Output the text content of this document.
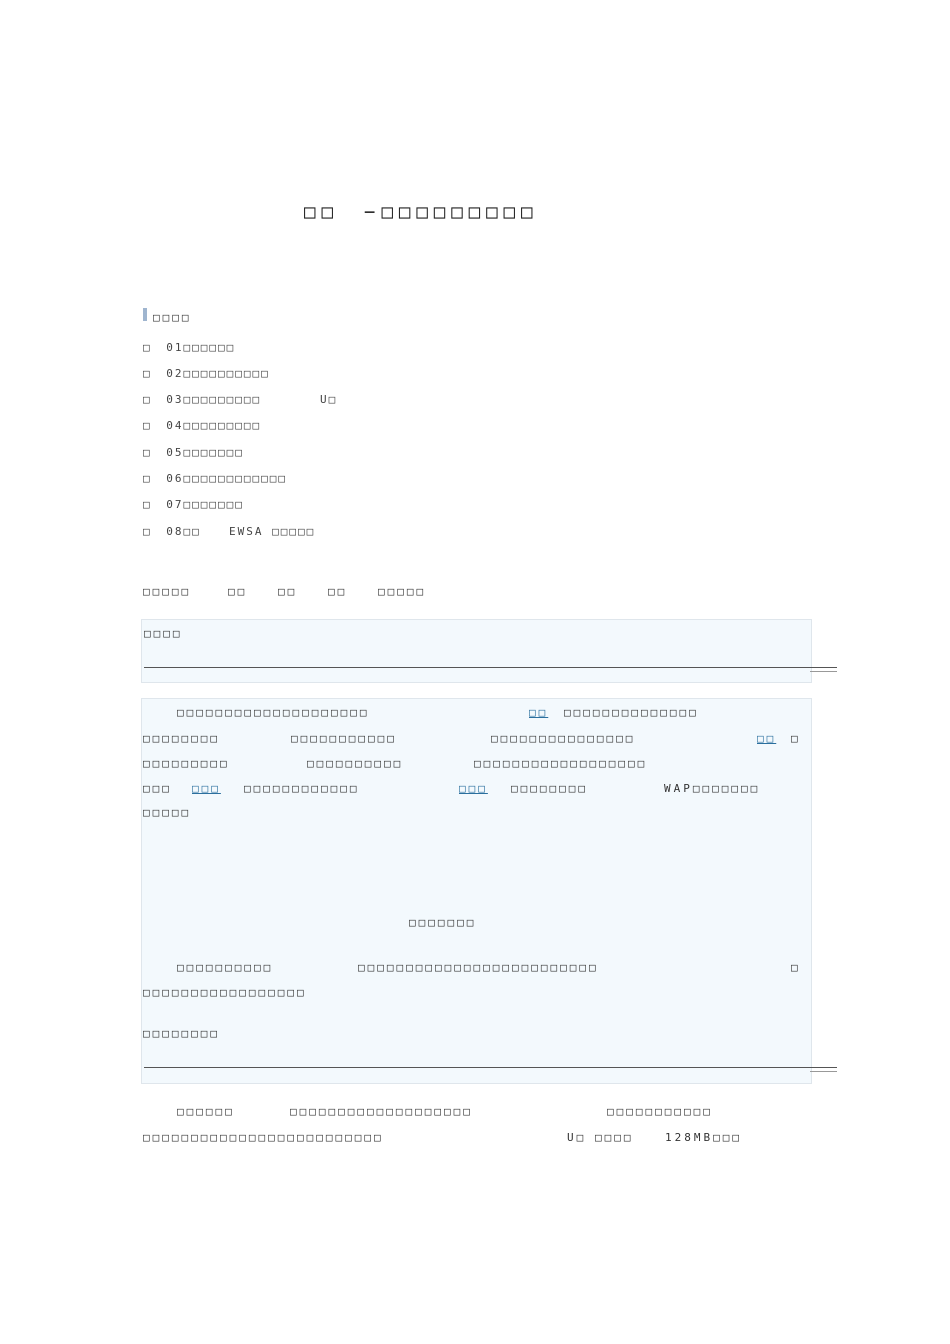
□□ −□□□□□□□□□
□□□□
□ 01□□□□□□
□ 02□□□□□□□□□□
□ 03□□□□□□□□□	U□
□ 04□□□□□□□□□
□ 05□□□□□□□
□ 06□□□□□□□□□□□□
□ 07□□□□□□□
□ 08□□	EWSA □□□□□
□□□□□	□□	□□	□□	□□□□□
□□□□
□□□□□□□□□□□□□□□□□□□□	□□ □□□□□□□□□□□□□□
□□□□□□□□	□□□□□□□□□□□	□□□□□□□□□□□□□□□	□□ □
□□□□□□□□□	□□□□□□□□□□	□□□□□□□□□□□□□□□□□□
□□□ □□□	□□□□□□□□□□□□	□□□	□□□□□□□□	WAP□□□□□□□
□□□□□
□□□□□□□
□□□□□□□□□□	□□□□□□□□□□□□□□□□□□□□□□□□□	□
□□□□□□□□□□□□□□□□□
□□□□□□□□
□□□□□□	□□□□□□□□□□□□□□□□□□□	□□□□□□□□□□□
□□□□□□□□□□□□□□□□□□□□□□□□□	U□ □□□□	128MB□□□
